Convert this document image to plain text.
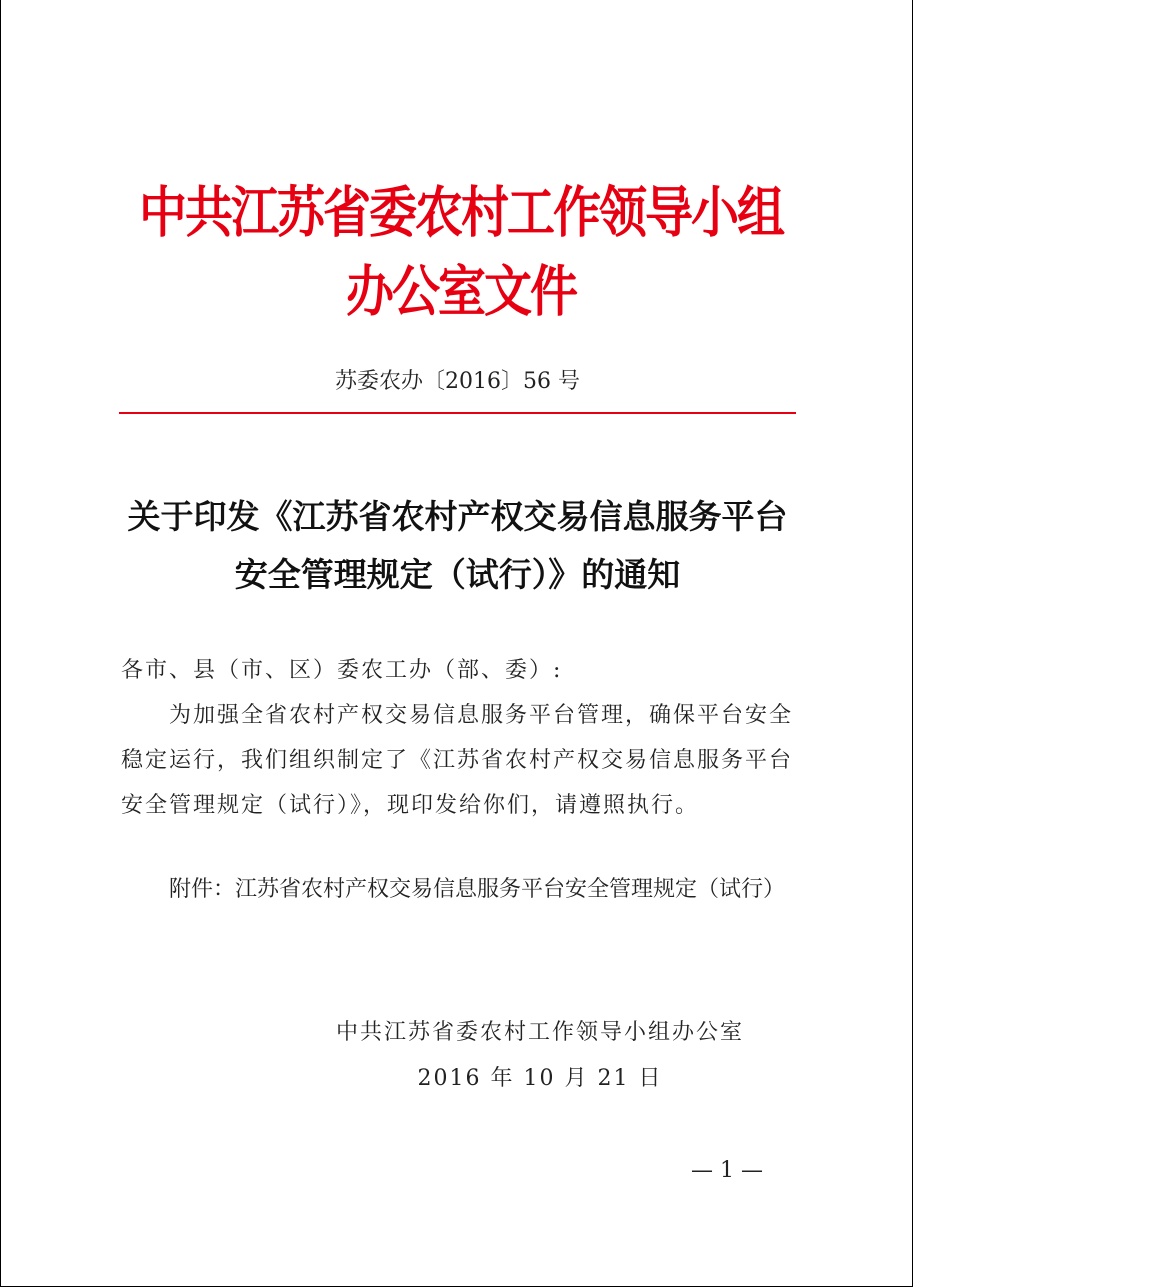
中共江苏省委农村工作领导小组办公室文件
苏委农办〔2016〕56 号
关于印发《江苏省农村产权交易信息服务平台
安全管理规定（试行）》的通知
各市、县（市、区）委农工办（部、委）:
为加强全省农村产权交易信息服务平台管理，确保平台安全
稳定运行，我们组织制定了《江苏省农村产权交易信息服务平台
安全管理规定（试行）》，现印发给你们，请遵照执行。
附件：江苏省农村产权交易信息服务平台安全管理规定（试行）
中共江苏省委农村工作领导小组办公室
2016 年 10 月 21 日
— 1 —
